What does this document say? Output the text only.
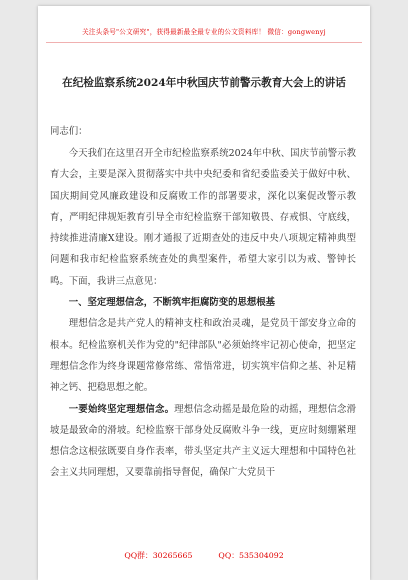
关注头条号"公文研究"，获得最新最全最专业的公文资料库！ 微信：gongwenyj
在纪检监察系统2024年中秋国庆节前警示教育大会上的讲话
同志们：

今天我们在这里召开全市纪检监察系统2024年中秋、国庆节前警示教育大会，主要是深入贯彻落实中共中央纪委和省纪委监委关于做好中秋、国庆期间党风廉政建设和反腐败工作的部署要求，深化以案促改警示教育，严明纪律规矩教育引导全市纪检监察干部知敬畏、存戒惧、守底线，持续推进清廉X建设。刚才通报了近期查处的违反中央八项规定精神典型问题和我市纪检监察系统查处的典型案件，希望大家引以为戒、警钟长鸣。下面，我讲三点意见：

一、坚定理想信念，不断筑牢拒腐防变的思想根基

理想信念是共产党人的精神支柱和政治灵魂，是党员干部安身立命的根本。纪检监察机关作为党的"纪律部队"必须始终牢记初心使命，把坚定理想信念作为终身课题常修常练、常悟常进，切实筑牢信仰之基、补足精神之钙、把稳思想之舵。

一要始终坚定理想信念。理想信念动摇是最危险的动摇，理想信念滑坡是最致命的滑坡。纪检监察干部身处反腐败斗争一线，更应时刻绷紧理想信念这根弦既要自身作表率，带头坚定共产主义远大理想和中国特色社会主义共同理想，又要靠前指导督促，确保广大党员干

QQ群：30265665	QQ：535304092
